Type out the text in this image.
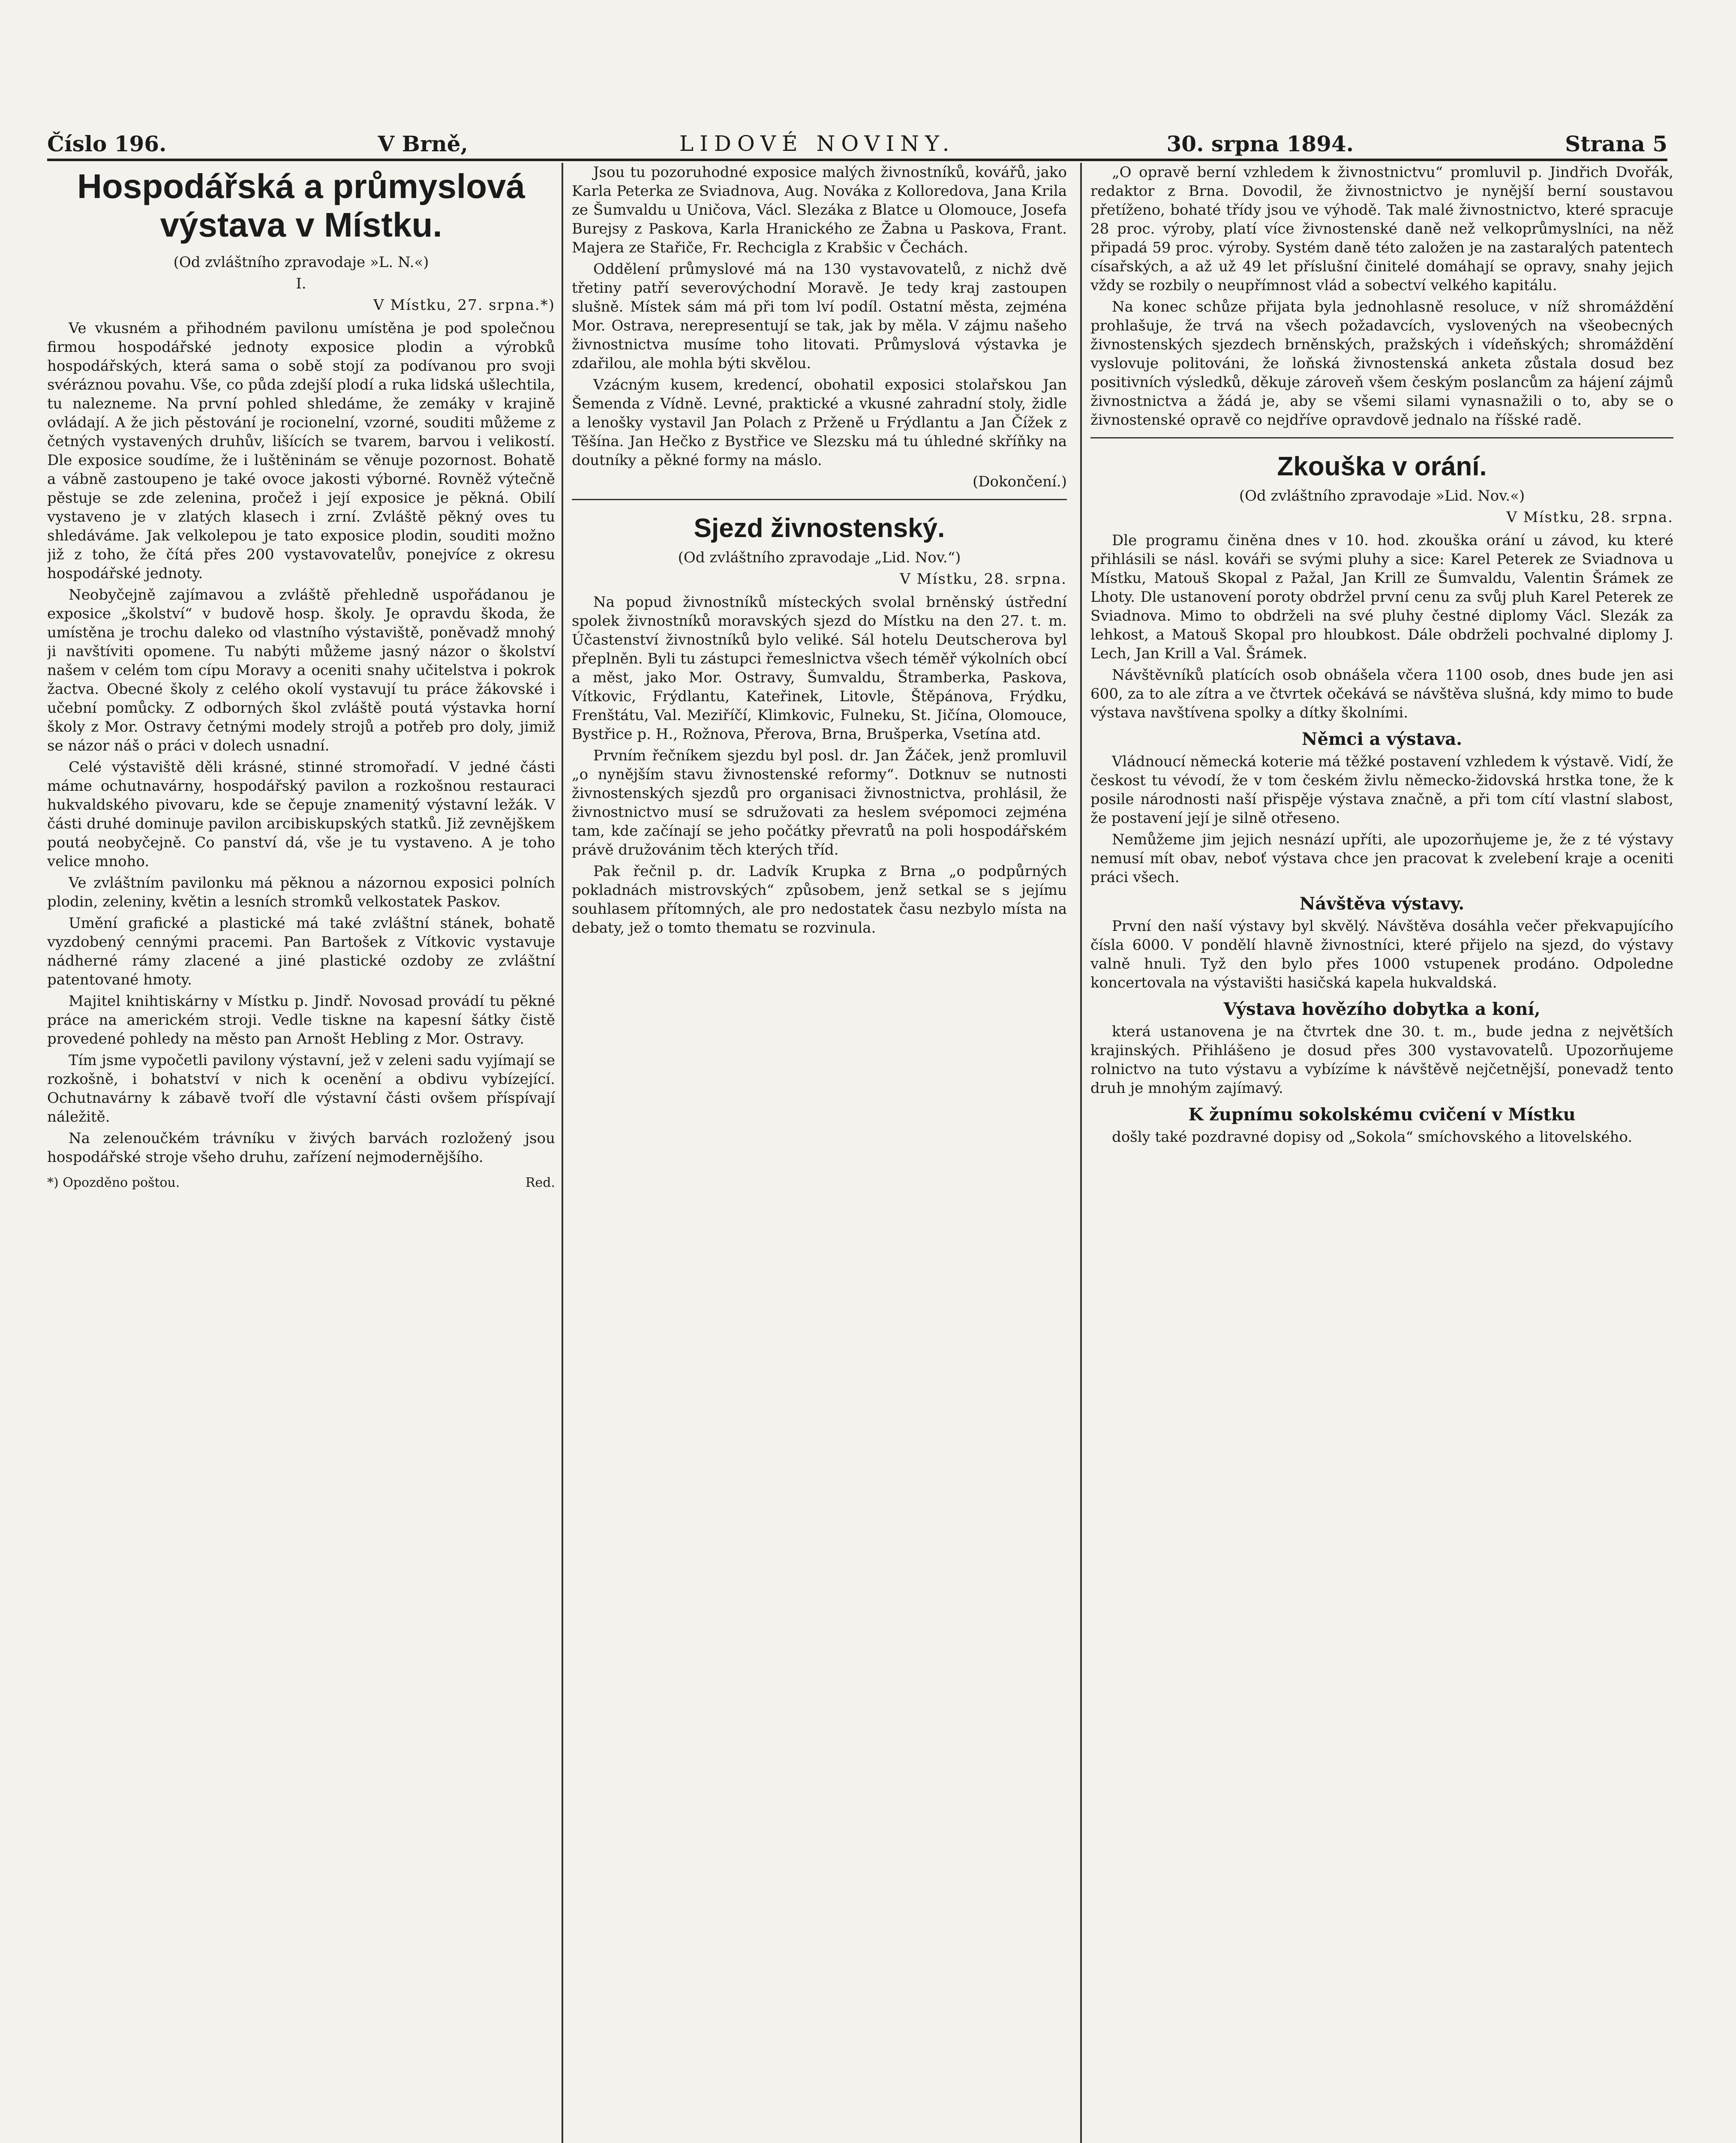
Číslo 196.	V Brně,	LIDOVÉ NOVINY.	30. srpna 1894.	Strana 5
Hospodářská a průmyslová výstava v Místku.
(Od zvláštního zpravodaje »L. N.«)
I.
V Místku, 27. srpna.*)

Ve vkusném a přihodném pavilonu umístěna je pod společnou firmou hospodářské jednoty exposice plodin a výrobků hospodářských, která sama o sobě stojí za podívanou pro svoji svéráznou povahu. Vše, co půda zdejší plodí a ruka lidská ušlechtila, tu nalezneme. Na první pohled shledáme, že zemáky v krajině ovládají. A že jich pěstování je rocionelní, vzorné, souditi můžeme z četných vystavených druhův, lišících se tvarem, barvou i velikostí. Dle exposice soudíme, že i luštěninám se věnuje pozornost. Bohatě a vábně zastoupeno je také ovoce jakosti výborné. Rovněž výtečně pěstuje se zde zelenina, pročež i její exposice je pěkná. Obilí vystaveno je v zlatých klasech i zrní. Zvláště pěkný oves tu shledáváme. Jak velkolepou je tato exposice plodin, souditi možno již z toho, že čítá přes 200 vystavovatelův, ponejvíce z okresu hospodářské jednoty.

Neobyčejně zajímavou a zvláště přehledně uspořádanou je exposice „školství“ v budově hosp. školy. Je opravdu škoda, že umístěna je trochu daleko od vlastního výstaviště, poněvadž mnohý ji navštíviti opomene. Tu nabýti můžeme jasný názor o školství našem v celém tom cípu Moravy a oceniti snahy učitelstva i pokrok žactva. Obecné školy z celého okolí vystavují tu práce žákovské i učební pomůcky. Z odborných škol zvláště poutá výstavka horní školy z Mor. Ostravy četnými modely strojů a potřeb pro doly, jimiž se názor náš o práci v dolech usnadní.

Celé výstaviště děli krásné, stinné stromořadí. V jedné části máme ochutnavárny, hospodářský pavilon a rozkošnou restauraci hukvaldského pivovaru, kde se čepuje znamenitý výstavní ležák. V části druhé dominuje pavilon arcibiskupských statků. Již zevnějškem poutá neobyčejně. Co panství dá, vše je tu vystaveno. A je toho velice mnoho.

Ve zvláštním pavilonku má pěknou a názornou exposici polních plodin, zeleniny, květin a lesních stromků velkostatek Paskov.

Umění grafické a plastické má také zvláštní stánek, bohatě vyzdobený cennými pracemi. Pan Bartošek z Vítkovic vystavuje nádherné rámy zlacené a jiné plastické ozdoby ze zvláštní patentované hmoty.

Majitel knihtiskárny v Místku p. Jindř. Novosad provádí tu pěkné práce na americkém stroji. Vedle tiskne na kapesní šátky čistě provedené pohledy na město pan Arnošt Hebling z Mor. Ostravy.

Tím jsme vypočetli pavilony výstavní, jež v zeleni sadu vyjímají se rozkošně, i bohatství v nich k ocenění a obdivu vybízející. Ochutnavárny k zábavě tvoří dle výstavní části ovšem příspívají náležitě.

Na zelenoučkém trávníku v živých barvách rozložený jsou hospodářské stroje všeho druhu, zařízení nejmodernějšího.

*) Opozděno poštou.	Red.

Jsou tu pozoruhodné exposice malých živnostníků, kovářů, jako Karla Peterka ze Sviadnova, Aug. Nováka z Kolloredova, Jana Krila ze Šumvaldu u Uničova, Václ. Slezáka z Blatce u Olomouce, Josefa Burejsy z Paskova, Karla Hranického ze Žabna u Paskova, Frant. Majera ze Stařiče, Fr. Rechciglа z Krabšic v Čechách.

Oddělení průmyslové má na 130 vystavovatelů, z nichž dvě třetiny patří severovýchodní Moravě. Je tedy kraj zastoupen slušně. Místek sám má při tom lví podíl. Ostatní města, zejména Mor. Ostrava, nerepresentují se tak, jak by měla. V zájmu našeho živnostnictva musíme toho litovati. Průmyslová výstavka je zdařilou, ale mohla býti skvělou.

Vzácným kusem, kredencí, obohatil exposici stolařskou Jan Šemenda z Vídně. Levné, praktické a vkusné zahradní stoly, židle a lenošky vystavil Jan Polach z Prženě u Frýdlantu a Jan Čížek z Těšína. Jan Hečko z Bystřice ve Slezsku má tu úhledné skříňky na doutníky a pěkné formy na máslo.

(Dokončení.)
Sjezd živnostenský.
(Od zvláštního zpravodaje „Lid. Nov.“)
V Místku, 28. srpna.

Na popud živnostníků místeckých svolal brněnský ústřední spolek živnostníků moravských sjezd do Místku na den 27. t. m. Účastenství živnostníků bylo veliké. Sál hotelu Deutscherova byl přeplněn. Byli tu zástupci řemeslnictva všech téměř výkolních obcí a měst, jako Mor. Ostravy, Šumvaldu, Štramberka, Paskova, Vítkovic, Frýdlantu, Kateřinek, Litovle, Štěpánova, Frýdku, Frenštátu, Val. Meziříčí, Klimkovic, Fulneku, St. Jičína, Olomouce, Bystřice p. H., Rožnova, Přerova, Brna, Brušperka, Vsetína atd.

Prvním řečníkem sjezdu byl posl. dr. Jan Žáček, jenž promluvil „o nynějším stavu živnostenské reformy“. Dotknuv se nutnosti živnostenských sjezdů pro organisaci živnostnictva, prohlásil, že živnostnictvo musí se sdružovati za heslem svépomoci zejména tam, kde začínají se jeho počátky převratů na poli hospodářském právě družovánim těch kterých tříd.

Pak řečnil p. dr. Ladvík Krupka z Brna „o podpůrných pokladnách mistrovských“ způsobem, jenž setkal se s jejímu souhlasem přítomných, ale pro nedostatek času nezbylo místa na debaty, jež o tomto thematu se rozvinula.

„O opravě berní vzhledem k živnostnictvu“ promluvil p. Jindřich Dvořák, redaktor z Brna. Dovodil, že živnostnictvo je nynější berní soustavou přetíženo, bohaté třídy jsou ve výhodě. Tak malé živnostnictvo, které spracuje 28 proc. výroby, platí více živnostenské daně než velkoprůmyslníci, na něž připadá 59 proc. výroby. Systém daně této založen je na zastaralých patentech císařských, a až už 49 let příslušní činitelé domáhají se opravy, snahy jejich vždy se rozbily o neupřímnost vlád a sobectví velkého kapitálu.

Na konec schůze přijata byla jednohlasně resoluce, v níž shromáždění prohlašuje, že trvá na všech požadavcích, vyslovených na všeobecných živnostenských sjezdech brněnských, pražských i vídeňských; shromáždění vyslovuje politováni, že loňská živnostenská anketa zůstala dosud bez positivních výsledků, děkuje zároveň všem českým poslancům za hájení zájmů živnostnictva a žádá je, aby se všemi silami vynasnažili o to, aby se o živnostenské opravě co nejdříve opravdově jednalo na říšské radě.

Zkouška v orání.
(Od zvláštního zpravodaje »Lid. Nov.«)
V Místku, 28. srpna.

Dle programu činěna dnes v 10. hod. zkouška orání u závod, ku které přihlásili se násl. kováři se svými pluhy a sice: Karel Peterek ze Sviadnova u Místku, Matouš Skopal z Pažal, Jan Krill ze Šumvaldu, Valentin Šrámek ze Lhoty. Dle ustanovení poroty obdržel první cenu za svůj pluh Karel Peterek ze Sviadnova. Mimo to obdrželi na své pluhy čestné diplomy Václ. Slezák za lehkost, a Matouš Skopal pro hloubkost. Dále obdrželi pochvalné diplomy J. Lech, Jan Krill a Val. Šrámek.

Návštěvníků platících osob obnášela včera 1100 osob, dnes bude jen asi 600, za to ale zítra a ve čtvrtek očekává se návštěva slušná, kdy mimo to bude výstava navštívena spolky a dítky školními.

Němci a výstava.

Vládnoucí německá koterie má těžké postavení vzhledem k výstavě. Vidí, že českost tu vévodí, že v tom českém živlu německo-židovská hrstka tone, že k posile národnosti naší přispěje výstava značně, a při tom cítí vlastní slabost, že postavení její je silně otřeseno.

Nemůžeme jim jejich nesnází upříti, ale upozorňujeme je, že z té výstavy nemusí mít obav, neboť výstava chce jen pracovat k zvelebení kraje a oceniti práci všech.

Návštěva výstavy.

První den naší výstavy byl skvělý. Návštěva dosáhla večer překvapujícího čísla 6000. V pondělí hlavně živnostníci, které přijelo na sjezd, do výstavy valně hnuli. Tyž den bylo přes 1000 vstupenek prodáno. Odpoledne koncertovala na výstavišti hasičská kapela hukvaldská.

Výstava hovězího dobytka a koní,

která ustanovena je na čtvrtek dne 30. t. m., bude jedna z největších krajinských. Přihlášeno je dosud přes 300 vystavovatelů. Upozorňujeme rolnictvo na tuto výstavu a vybízíme k návštěvě nejčetnější, ponevadž tento druh je mnohým zajímavý.

K župnímu sokolskému cvičení v Místku

došly také pozdravné dopisy od „Sokola“ smíchovského a litovelského.
